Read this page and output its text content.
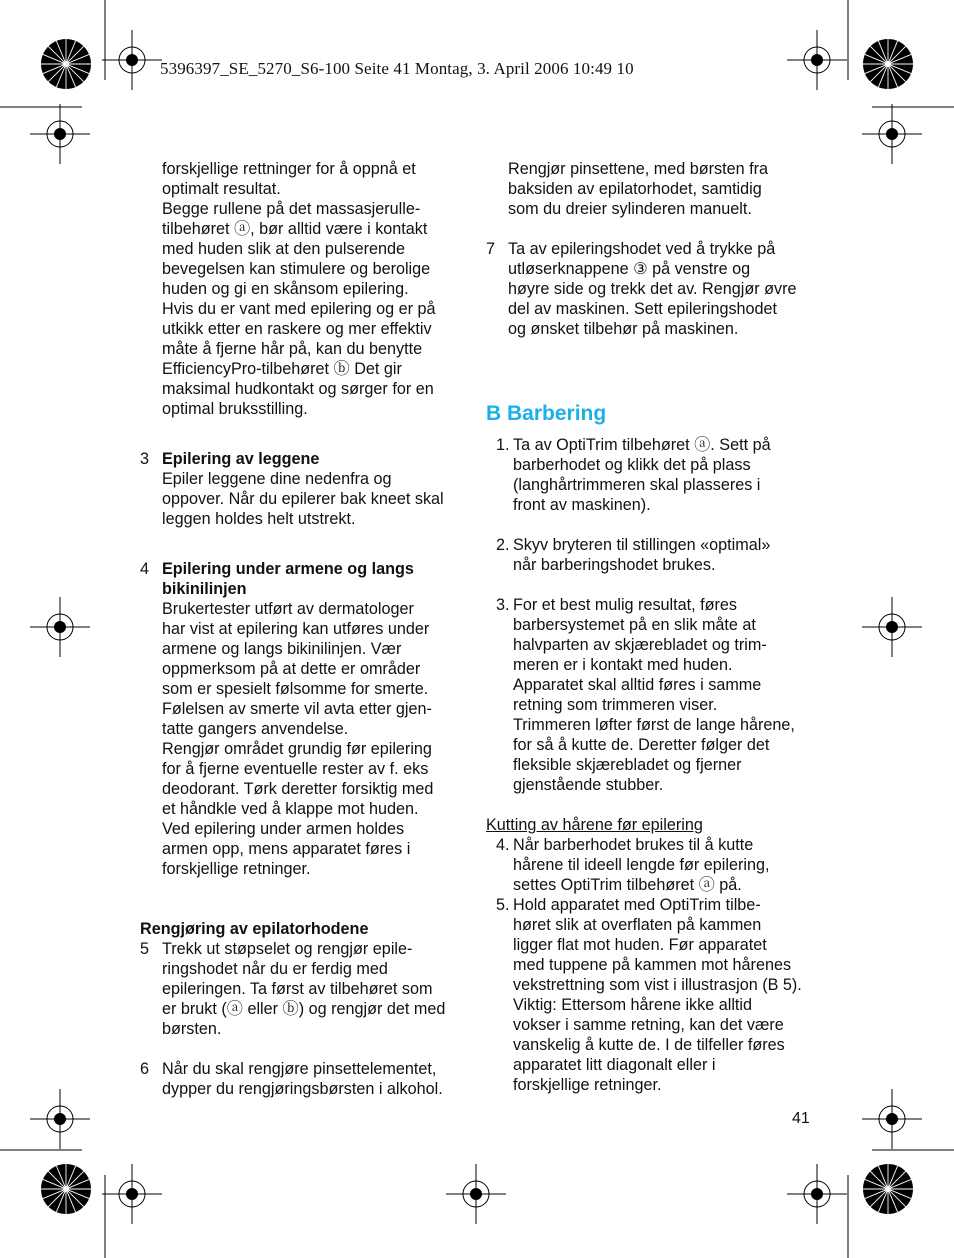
5396397_SE_5270_S6-100 Seite 41 Montag, 3. April 2006 10:49 10
forskjellige rettninger for å oppnå et
optimalt resultat.
Begge rullene på det massasjerulle-
tilbehøret ⓐ, bør alltid være i kontakt
med huden slik at den pulserende
bevegelsen kan stimulere og berolige
huden og gi en skånsom epilering.
Hvis du er vant med epilering og er på
utkikk etter en raskere og mer effektiv
måte å fjerne hår på, kan du benytte
EfficiencyPro-tilbehøret ⓑ Det gir
maksimal hudkontakt og sørger for en
optimal bruksstilling.
3 Epilering av leggene
Epiler leggene dine nedenfra og
oppover. Når du epilerer bak kneet skal
leggen holdes helt utstrekt.
4 Epilering under armene og langs
bikinilinjen
Brukertester utført av dermatologer
har vist at epilering kan utføres under
armene og langs bikinilinjen. Vær
oppmerksom på at dette er områder
som er spesielt følsomme for smerte.
Følelsen av smerte vil avta etter gjen-
tatte gangers anvendelse.
Rengjør området grundig før epilering
for å fjerne eventuelle rester av f. eks
deodorant. Tørk deretter forsiktig med
et håndkle ved å klappe mot huden.
Ved epilering under armen holdes
armen opp, mens apparatet føres i
forskjellige retninger.
Rengjøring av epilatorhodene
5 Trekk ut støpselet og rengjør epile-
ringshodet når du er ferdig med
epileringen. Ta først av tilbehøret som
er brukt (ⓐ eller ⓑ) og rengjør det med
børsten.
6 Når du skal rengjøre pinsettelementet,
dypper du rengjøringsbørsten i alkohol.
Rengjør pinsettene, med børsten fra
baksiden av epilatorhodet, samtidig
som du dreier sylinderen manuelt.
7 Ta av epileringshodet ved å trykke på
utløserknappene ③ på venstre og
høyre side og trekk det av. Rengjør øvre
del av maskinen. Sett epileringshodet
og ønsket tilbehør på maskinen.
B Barbering
1. Ta av OptiTrim tilbehøret ⓐ. Sett på
barberhodet og klikk det på plass
(langhårtrimmeren skal plasseres i
front av maskinen).
2. Skyv bryteren til stillingen «optimal»
når barberingshodet brukes.
3. For et best mulig resultat, føres
barbersystemet på en slik måte at
halvparten av skjærebladet og trim-
meren er i kontakt med huden.
Apparatet skal alltid føres i samme
retning som trimmeren viser.
Trimmeren løfter først de lange hårene,
for så å kutte de. Deretter følger det
fleksible skjærebladet og fjerner
gjenstående stubber.
Kutting av hårene før epilering
4. Når barberhodet brukes til å kutte
hårene til ideell lengde før epilering,
settes OptiTrim tilbehøret ⓐ på.
5. Hold apparatet med OptiTrim tilbe-
høret slik at overflaten på kammen
ligger flat mot huden. Før apparatet
med tuppene på kammen mot hårenes
vekstrettning som vist i illustrasjon (B 5).
Viktig: Ettersom hårene ikke alltid
vokser i samme retning, kan det være
vanskelig å kutte de. I de tilfeller føres
apparatet litt diagonalt eller i
forskjellige retninger.
41
